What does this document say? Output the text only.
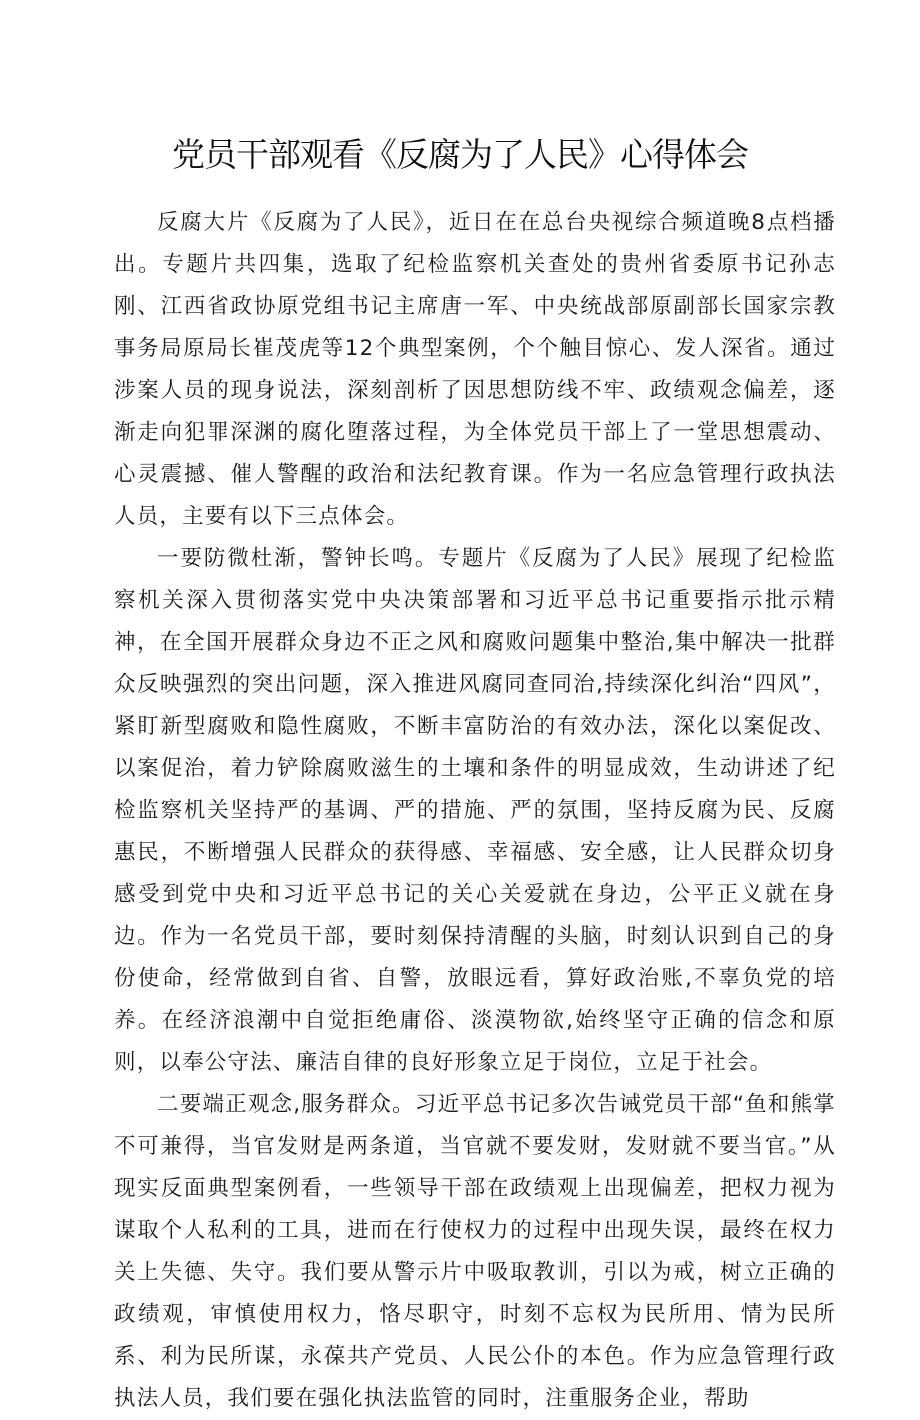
党员干部观看《反腐为了人民》心得体会

反腐大片《反腐为了人民》，近日在在总台央视综合频道晚8点档播出。专题片共四集，选取了纪检监察机关查处的贵州省委原书记孙志刚、江西省政协原党组书记主席唐一军、中央统战部原副部长国家宗教事务局原局长崔茂虎等12个典型案例，个个触目惊心、发人深省。通过涉案人员的现身说法，深刻剖析了因思想防线不牢、政绩观念偏差，逐渐走向犯罪深渊的腐化堕落过程，为全体党员干部上了一堂思想震动、心灵震撼、催人警醒的政治和法纪教育课。作为一名应急管理行政执法人员，主要有以下三点体会。

一要防微杜渐，警钟长鸣。专题片《反腐为了人民》展现了纪检监察机关深入贯彻落实党中央决策部署和习近平总书记重要指示批示精神，在全国开展群众身边不正之风和腐败问题集中整治,集中解决一批群众反映强烈的突出问题，深入推进风腐同查同治,持续深化纠治“四风”，紧盯新型腐败和隐性腐败，不断丰富防治的有效办法，深化以案促改、以案促治，着力铲除腐败滋生的土壤和条件的明显成效，生动讲述了纪检监察机关坚持严的基调、严的措施、严的氛围，坚持反腐为民、反腐惠民，不断增强人民群众的获得感、幸福感、安全感，让人民群众切身感受到党中央和习近平总书记的关心关爱就在身边，公平正义就在身边。作为一名党员干部，要时刻保持清醒的头脑，时刻认识到自己的身份使命，经常做到自省、自警，放眼远看，算好政治账,不辜负党的培养。在经济浪潮中自觉拒绝庸俗、淡漠物欲,始终坚守正确的信念和原则，以奉公守法、廉洁自律的良好形象立足于岗位，立足于社会。

二要端正观念,服务群众。习近平总书记多次告诫党员干部“鱼和熊掌不可兼得，当官发财是两条道，当官就不要发财，发财就不要当官。”从现实反面典型案例看，一些领导干部在政绩观上出现偏差，把权力视为谋取个人私利的工具，进而在行使权力的过程中出现失误，最终在权力关上失德、失守。我们要从警示片中吸取教训，引以为戒，树立正确的政绩观，审慎使用权力，恪尽职守，时刻不忘权为民所用、情为民所系、利为民所谋，永葆共产党员、人民公仆的本色。作为应急管理行政执法人员，我们要在强化执法监管的同时，注重服务企业，帮助
